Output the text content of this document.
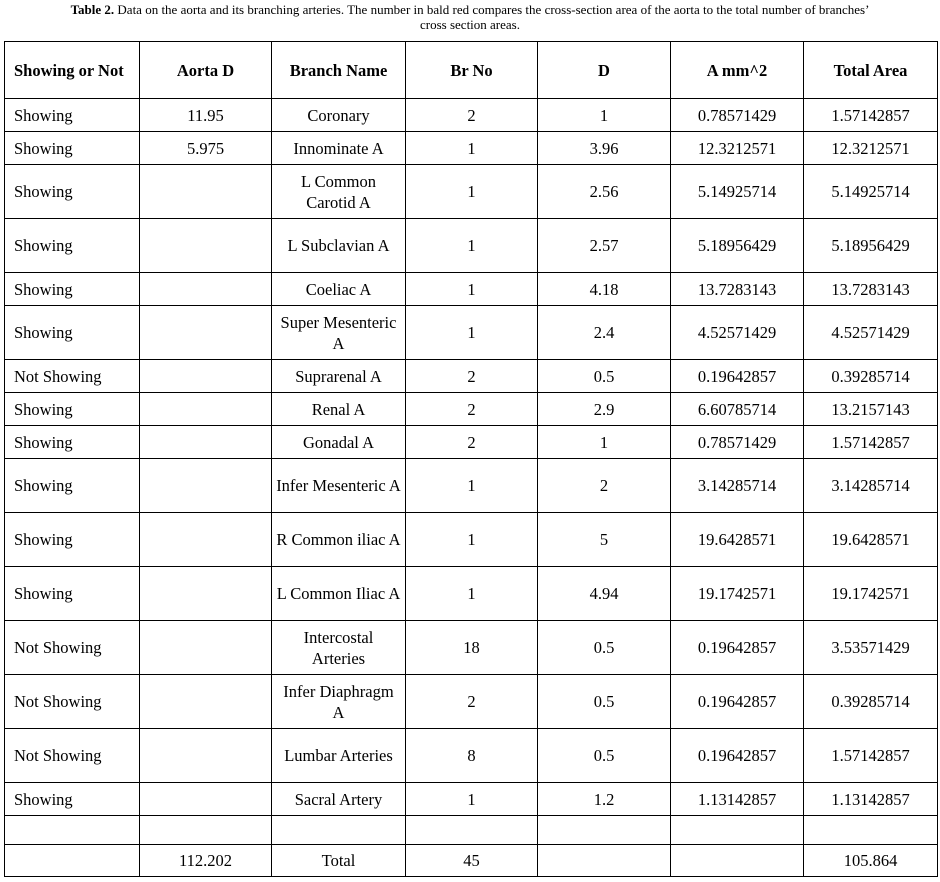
Table 2. Data on the aorta and its branching arteries. The number in bald red compares the cross-section area of the aorta to the total number of branches’
cross section areas.
Showing or Not	Aorta D	Branch Name	Br No	D	A mm^2	Total Area
Showing	11.95	Coronary	2	1	0.78571429	1.57142857
Showing	5.975	Innominate A	1	3.96	12.3212571	12.3212571
Showing		L Common Carotid A	1	2.56	5.14925714	5.14925714
Showing		L Subclavian A	1	2.57	5.18956429	5.18956429
Showing		Coeliac A	1	4.18	13.7283143	13.7283143
Showing		Super Mesenteric A	1	2.4	4.52571429	4.52571429
Not Showing		Suprarenal A	2	0.5	0.19642857	0.39285714
Showing		Renal A	2	2.9	6.60785714	13.2157143
Showing		Gonadal A	2	1	0.78571429	1.57142857
Showing		Infer Mesenteric A	1	2	3.14285714	3.14285714
Showing		R Common iliac A	1	5	19.6428571	19.6428571
Showing		L Common Iliac A	1	4.94	19.1742571	19.1742571
Not Showing		Intercostal Arteries	18	0.5	0.19642857	3.53571429
Not Showing		Infer Diaphragm A	2	0.5	0.19642857	0.39285714
Not Showing		Lumbar Arteries	8	0.5	0.19642857	1.57142857
Showing		Sacral Artery	1	1.2	1.13142857	1.13142857

	112.202	Total	45			105.864
